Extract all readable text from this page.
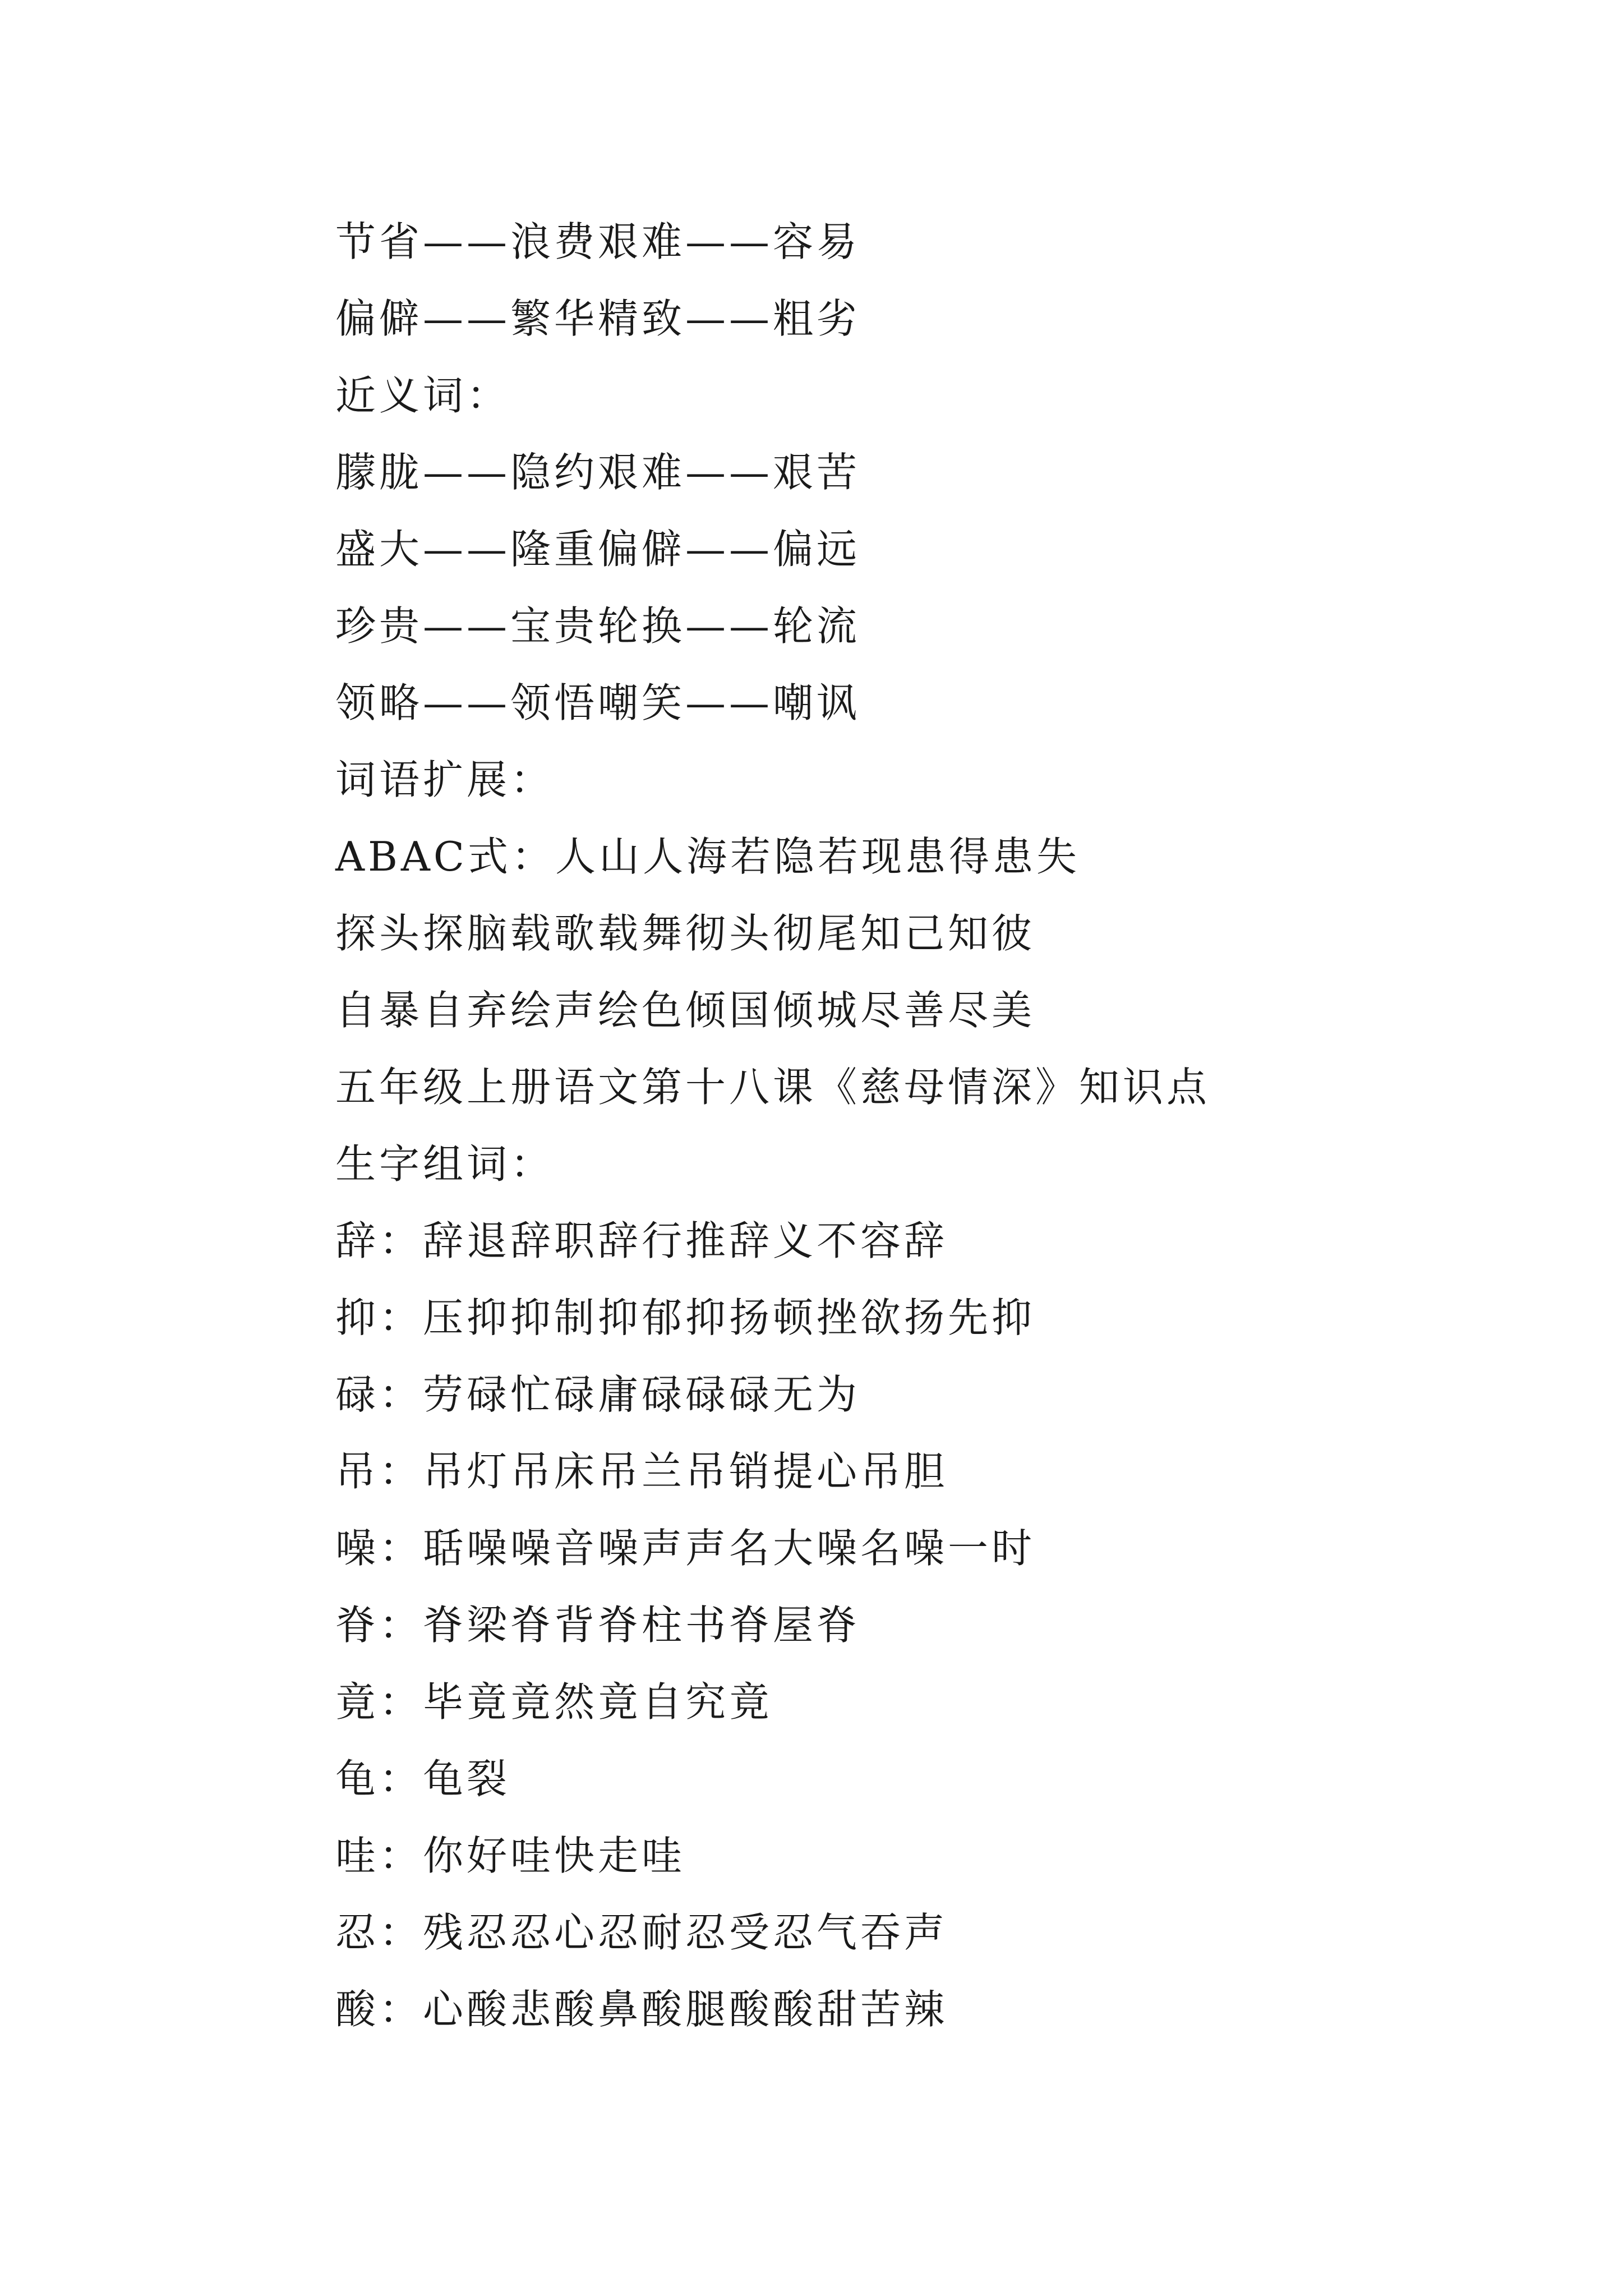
节省——浪费艰难——容易
偏僻——繁华精致——粗劣
近义词：
朦胧——隐约艰难——艰苦
盛大——隆重偏僻——偏远
珍贵——宝贵轮换——轮流
领略——领悟嘲笑——嘲讽
词语扩展：
ABAC式：人山人海若隐若现患得患失
探头探脑载歌载舞彻头彻尾知己知彼
自暴自弃绘声绘色倾国倾城尽善尽美
五年级上册语文第十八课《慈母情深》知识点
生字组词：
辞：辞退辞职辞行推辞义不容辞
抑：压抑抑制抑郁抑扬顿挫欲扬先抑
碌：劳碌忙碌庸碌碌碌无为
吊：吊灯吊床吊兰吊销提心吊胆
噪：聒噪噪音噪声声名大噪名噪一时
脊：脊梁脊背脊柱书脊屋脊
竟：毕竟竟然竟自究竟
龟：龟裂
哇：你好哇快走哇
忍：残忍忍心忍耐忍受忍气吞声
酸：心酸悲酸鼻酸腿酸酸甜苦辣
